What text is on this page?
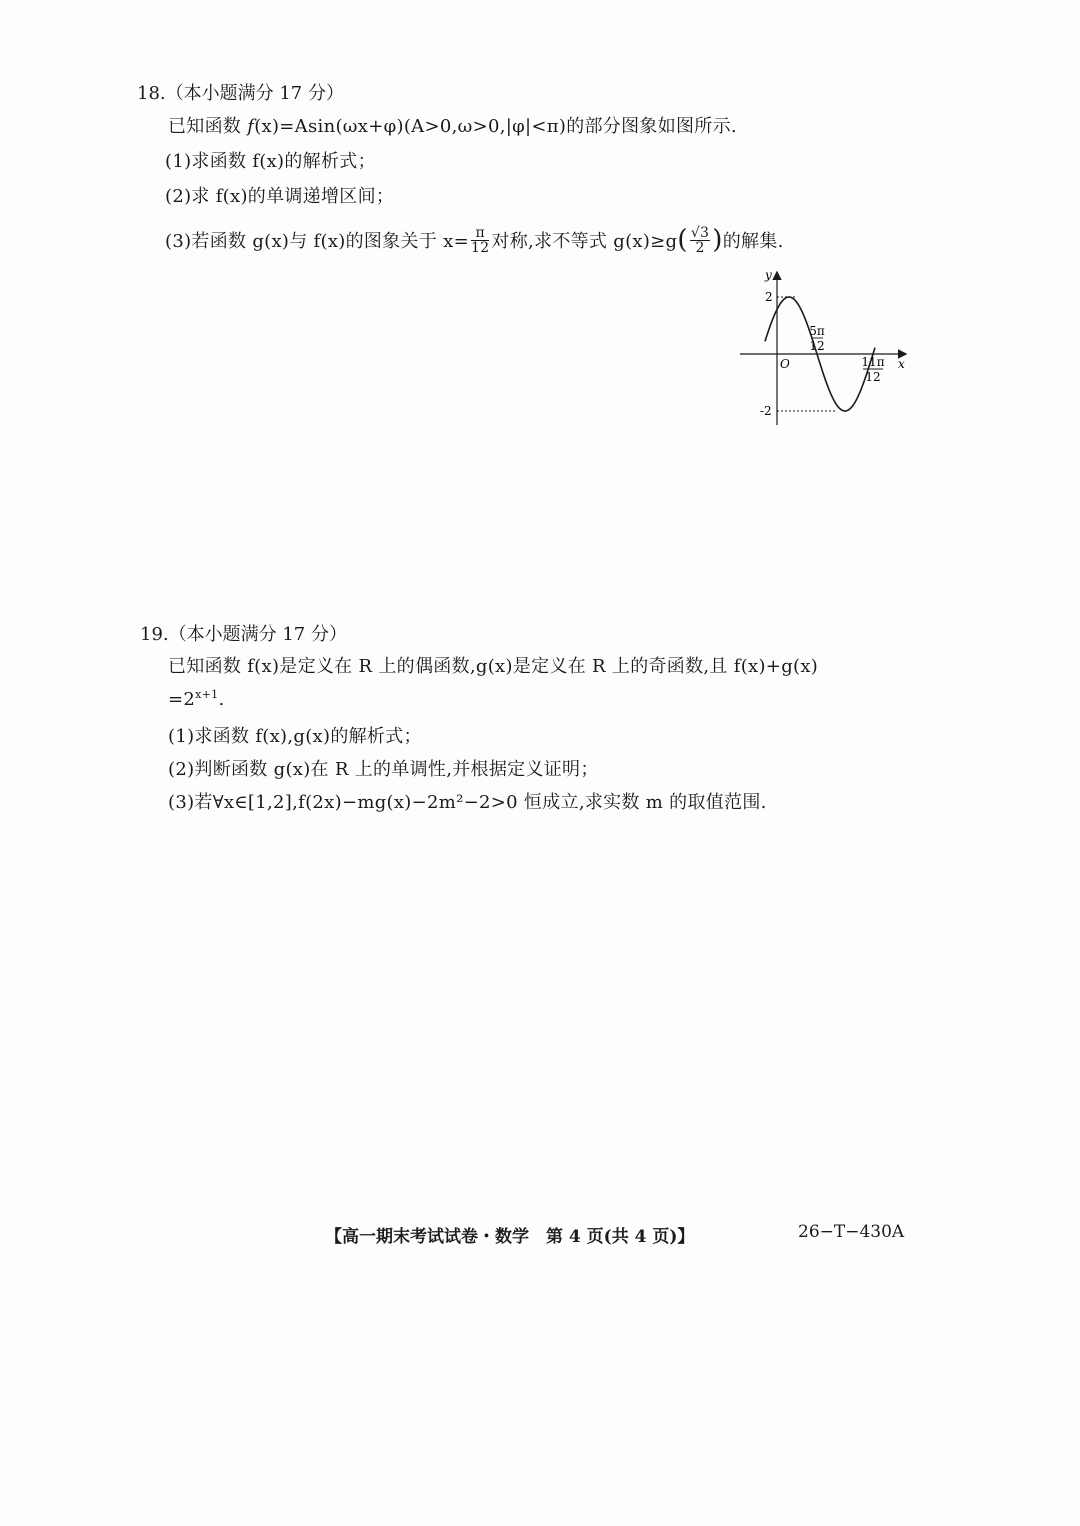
18.（本小题满分 17 分）
已知函数 f(x)=Asin(ωx+φ)(A>0,ω>0,|φ|<π)的部分图象如图所示.
(1)求函数 f(x)的解析式；
(2)求 f(x)的单调递增区间；
(3)若函数 g(x)与 f(x)的图象关于 $x= \frac{\pi}{12}$ 对称,求不等式 g(x)≥g ( $\frac{√3}{2}$ ) 的解集.
y
x
O
2
-2
5π
12
11π
12
19.（本小题满分 17 分）
已知函数 f(x)是定义在 R 上的偶函数,g(x)是定义在 R 上的奇函数,且 f(x)+g(x)
$=2^{x+1}$.
(1)求函数 f(x),g(x)的解析式；
(2)判断函数 g(x)在 R 上的单调性,并根据定义证明；
(3)若∀x∈[1,2],f(2x)−mg(x)−2m²−2>0 恒成立,求实数 m 的取值范围.
【高一期末考试试卷・数学　第 4 页(共 4 页)】	26−T−430A
